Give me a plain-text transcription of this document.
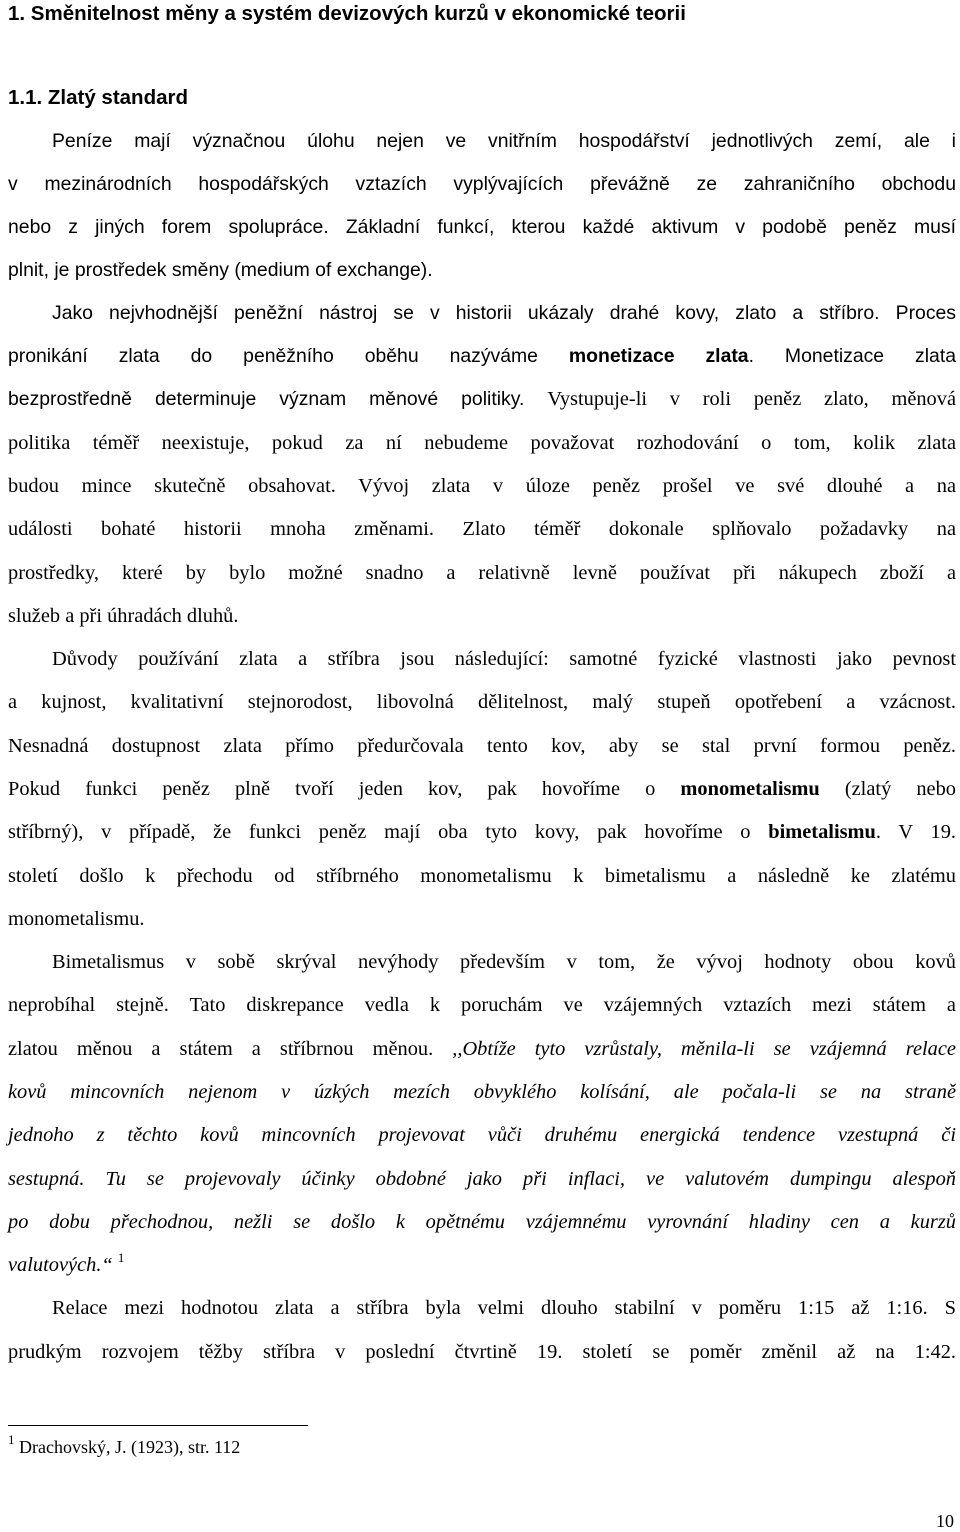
1. Směnitelnost měny a systém devizových kurzů v ekonomické teorii
1.1. Zlatý standard
Peníze mají význačnou úlohu nejen ve vnitřním hospodářství jednotlivých zemí, ale i
v mezinárodních hospodářských vztazích vyplývajících převážně ze zahraničního obchodu
nebo z jiných forem spolupráce. Základní funkcí, kterou každé aktivum v podobě peněz musí
plnit, je prostředek směny (medium of exchange).
Jako nejvhodnější peněžní nástroj se v historii ukázaly drahé kovy, zlato a stříbro. Proces
pronikání zlata do peněžního oběhu nazýváme monetizace zlata. Monetizace zlata
bezprostředně determinuje význam měnové politiky. Vystupuje-li v roli peněz zlato, měnová
politika téměř neexistuje, pokud za ní nebudeme považovat rozhodování o tom, kolik zlata
budou mince skutečně obsahovat. Vývoj zlata v úloze peněz prošel ve své dlouhé a na
události bohaté historii mnoha změnami. Zlato téměř dokonale splňovalo požadavky na
prostředky, které by bylo možné snadno a relativně levně používat při nákupech zboží a
služeb a při úhradách dluhů.
Důvody používání zlata a stříbra jsou následující: samotné fyzické vlastnosti jako pevnost
a kujnost, kvalitativní stejnorodost, libovolná dělitelnost, malý stupeň opotřebení a vzácnost.
Nesnadná dostupnost zlata přímo předurčovala tento kov, aby se stal první formou peněz.
Pokud funkci peněz plně tvoří jeden kov, pak hovoříme o monometalismu (zlatý nebo
stříbrný), v případě, že funkci peněz mají oba tyto kovy, pak hovoříme o bimetalismu. V 19.
století došlo k přechodu od stříbrného monometalismu k bimetalismu a následně ke zlatému
monometalismu.
Bimetalismus v sobě skrýval nevýhody především v tom, že vývoj hodnoty obou kovů
neprobíhal stejně. Tato diskrepance vedla k poruchám ve vzájemných vztazích mezi státem a
zlatou měnou a státem a stříbrnou měnou. ,,Obtíže tyto vzrůstaly, měnila-li se vzájemná relace
kovů mincovních nejenom v úzkých mezích obvyklého kolísání, ale počala-li se na straně
jednoho z těchto kovů mincovních projevovat vůči druhému energická tendence vzestupná či
sestupná. Tu se projevovaly účinky obdobné jako při inflaci, ve valutovém dumpingu alespoň
po dobu přechodnou, nežli se došlo k opětnému vzájemnému vyrovnání hladiny cen a kurzů
valutových.“ $^1$
Relace mezi hodnotou zlata a stříbra byla velmi dlouho stabilní v poměru 1:15 až 1:16. S
prudkým rozvojem těžby stříbra v poslední čtvrtině 19. století se poměr změnil až na 1:42.
$^1$ Drachovský, J. (1923), str. 112
10
